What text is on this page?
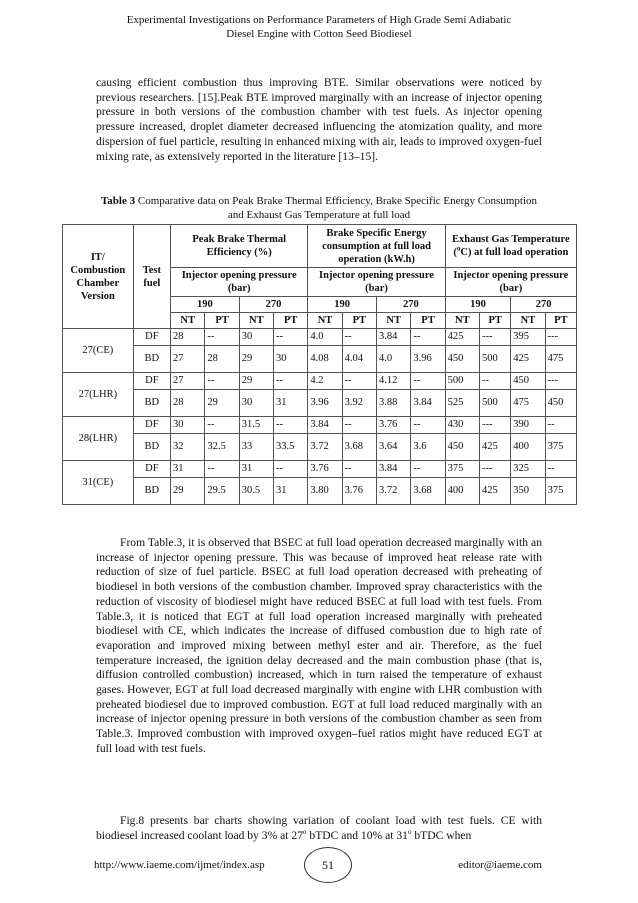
Experimental Investigations on Performance Parameters of High Grade Semi Adiabatic
Diesel Engine with Cotton Seed Biodiesel

causing efficient combustion thus improving BTE. Similar observations were noticed by previous researchers. [15].Peak BTE improved marginally with an increase of injector opening pressure in both versions of the combustion chamber with test fuels. As injector opening pressure increased, droplet diameter decreased influencing the atomization quality, and more dispersion of fuel particle, resulting in enhanced mixing with air, leads to improved oxygen-fuel mixing rate, as extensively reported in the literature [13–15].

Table 3 Comparative data on Peak Brake Thermal Efficiency, Brake Specific Energy Consumption and Exhaust Gas Temperature at full load
IT/ Combustion Chamber Version	Test fuel	Peak Brake Thermal Efficiency (%)				Brake Specific Energy consumption at full load operation (kW.h)				Exhaust Gas Temperature ($^o$C) at full load operation			
		Injector opening pressure (bar)				Injector opening pressure (bar)				Injector opening pressure (bar)			
		190		270		190		270		190		270	
		NT	PT	NT	PT	NT	PT	NT	PT	NT	PT	NT	PT
27(CE)	DF	28	--	30	--	4.0	--	3.84	--	425	---	395	---
	BD	27	28	29	30	4.08	4.04	4.0	3.96	450	500	425	475
27(LHR)	DF	27	--	29	--	4.2	--	4.12	--	500	--	450	---
	BD	28	29	30	31	3.96	3.92	3.88	3.84	525	500	475	450
28(LHR)	DF	30	--	31.5	--	3.84	--	3.76	--	430	---	390	--
	BD	32	32.5	33	33.5	3.72	3.68	3.64	3.6	450	425	400	375
31(CE)	DF	31	--	31	--	3.76	--	3.84	--	375	---	325	--
	BD	29	29.5	30.5	31	3.80	3.76	3.72	3.68	400	425	350	375

From Table.3, it is observed that BSEC at full load operation decreased marginally with an increase of injector opening pressure. This was because of improved heat release rate with reduction of size of fuel particle. BSEC at full load operation decreased with preheating of biodiesel in both versions of the combustion chamber. Improved spray characteristics with the reduction of viscosity of biodiesel might have reduced BSEC at full load with test fuels. From Table.3, it is noticed that EGT at full load operation increased marginally with preheated biodiesel with CE, which indicates the increase of diffused combustion due to high rate of evaporation and improved mixing between methyl ester and air. Therefore, as the fuel temperature increased, the ignition delay decreased and the main combustion phase (that is, diffusion controlled combustion) increased, which in turn raised the temperature of exhaust gases. However, EGT at full load decreased marginally with engine with LHR combustion with preheated biodiesel due to improved combustion. EGT at full load reduced marginally with an increase of injector opening pressure in both versions of the combustion chamber as seen from Table.3. Improved combustion with improved oxygen–fuel ratios might have reduced EGT at full load with test fuels.

Fig.8 presents bar charts showing variation of coolant load with test fuels. CE with biodiesel increased coolant load by 3% at 27$^o$ bTDC and 10% at 31$^o$ bTDC when

http://www.iaeme.com/ijmet/index.asp	51	editor@iaeme.com
